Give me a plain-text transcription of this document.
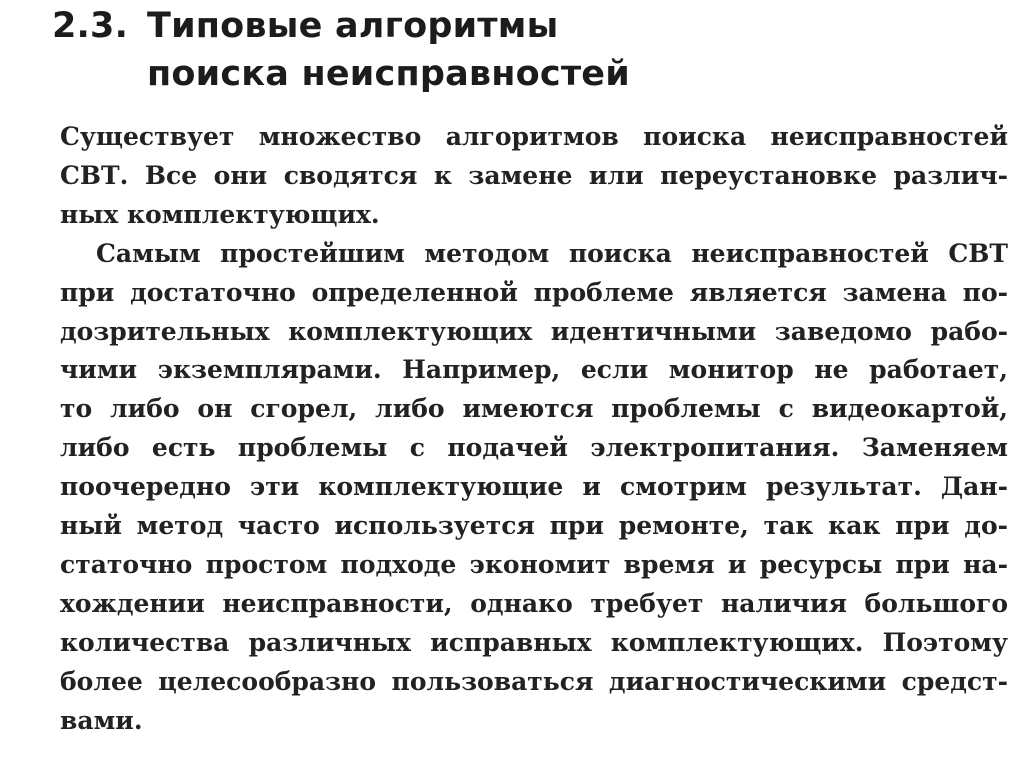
2.3. Типовые алгоритмы
поиска неисправностей
Существует множество алгоритмов поиска неисправностей
СВТ. Все они сводятся к замене или переустановке различ-
ных комплектующих.
Самым простейшим методом поиска неисправностей СВТ
при достаточно определенной проблеме является замена по-
дозрительных комплектующих идентичными заведомо рабо-
чими экземплярами. Например, если монитор не работает,
то либо он сгорел, либо имеются проблемы с видеокартой,
либо есть проблемы с подачей электропитания. Заменяем
поочередно эти комплектующие и смотрим результат. Дан-
ный метод часто используется при ремонте, так как при до-
статочно простом подходе экономит время и ресурсы при на-
хождении неисправности, однако требует наличия большого
количества различных исправных комплектующих. Поэтому
более целесообразно пользоваться диагностическими средст-
вами.
